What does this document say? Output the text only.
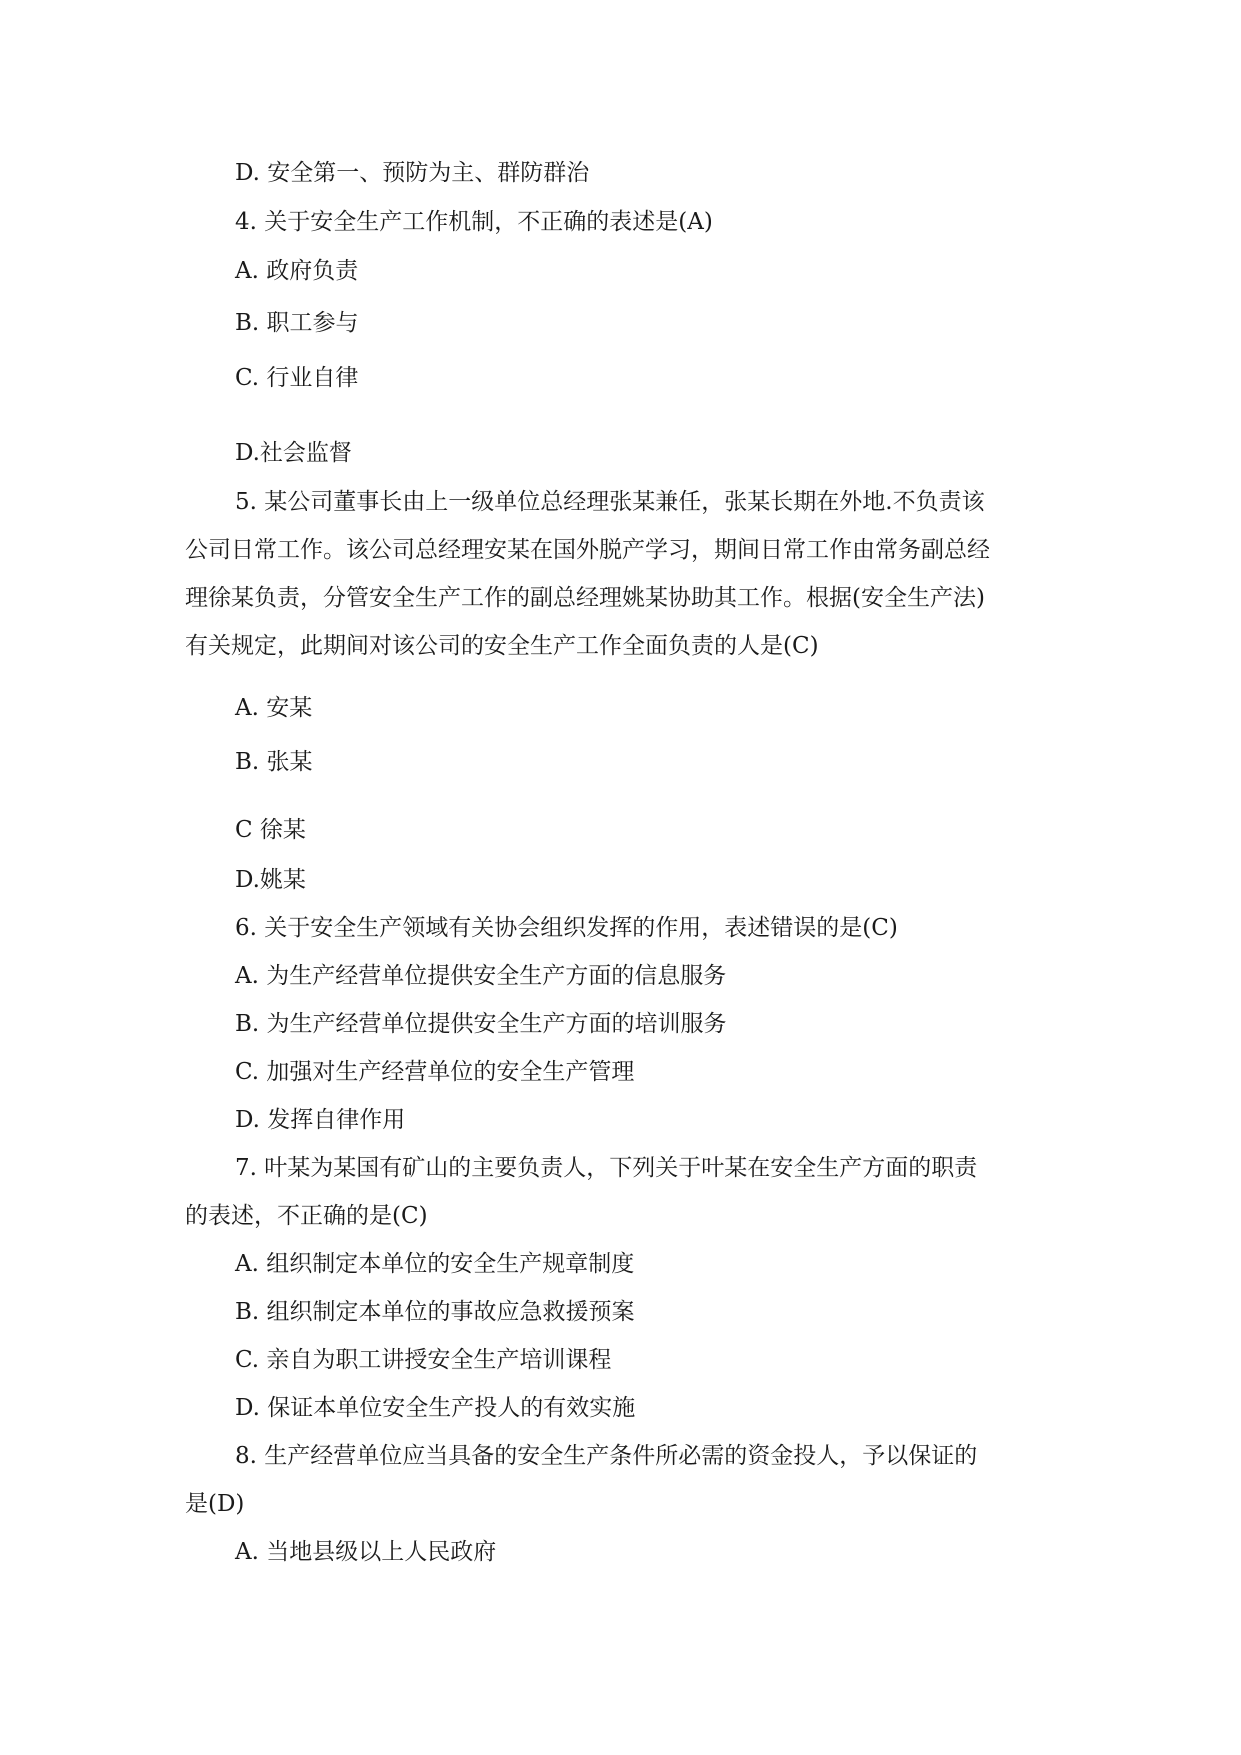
D. 安全第一、预防为主、群防群治
4. 关于安全生产工作机制，不正确的表述是(A)
A. 政府负责
B. 职工参与
C. 行业自律
D.社会监督
5. 某公司董事长由上一级单位总经理张某兼任，张某长期在外地.不负责该
公司日常工作。该公司总经理安某在国外脱产学习，期间日常工作由常务副总经
理徐某负责，分管安全生产工作的副总经理姚某协助其工作。根据(安全生产法)
有关规定，此期间对该公司的安全生产工作全面负责的人是(C)
A. 安某
B. 张某
C 徐某
D.姚某
6. 关于安全生产领域有关协会组织发挥的作用，表述错误的是(C)
A. 为生产经营单位提供安全生产方面的信息服务
B. 为生产经营单位提供安全生产方面的培训服务
C. 加强对生产经营单位的安全生产管理
D. 发挥自律作用
7. 叶某为某国有矿山的主要负责人，下列关于叶某在安全生产方面的职责
的表述，不正确的是(C)
A. 组织制定本单位的安全生产规章制度
B. 组织制定本单位的事故应急救援预案
C. 亲自为职工讲授安全生产培训课程
D. 保证本单位安全生产投人的有效实施
8. 生产经营单位应当具备的安全生产条件所必需的资金投人，予以保证的
是(D)
A. 当地县级以上人民政府
